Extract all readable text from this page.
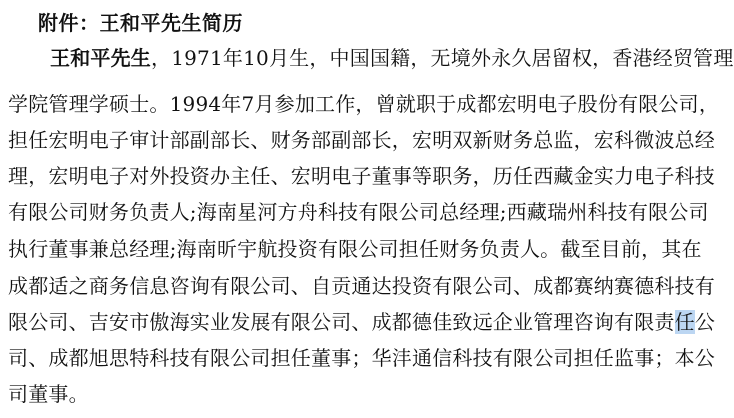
附件：王和平先生简历
王和平先生，1971年10月生，中国国籍，无境外永久居留权，香港经贸管理
学院管理学硕士。1994年7月参加工作，曾就职于成都宏明电子股份有限公司，
担任宏明电子审计部副部长、财务部副部长，宏明双新财务总监，宏科微波总经
理，宏明电子对外投资办主任、宏明电子董事等职务，历任西藏金实力电子科技
有限公司财务负责人;海南星河方舟科技有限公司总经理;西藏瑞州科技有限公司
执行董事兼总经理;海南昕宇航投资有限公司担任财务负责人。截至目前，其在
成都适之商务信息咨询有限公司、自贡通达投资有限公司、成都赛纳赛德科技有
限公司、吉安市傲海实业发展有限公司、成都德佳致远企业管理咨询有限责任公
司、成都旭思特科技有限公司担任董事；华沣通信科技有限公司担任监事；本公
司董事。
